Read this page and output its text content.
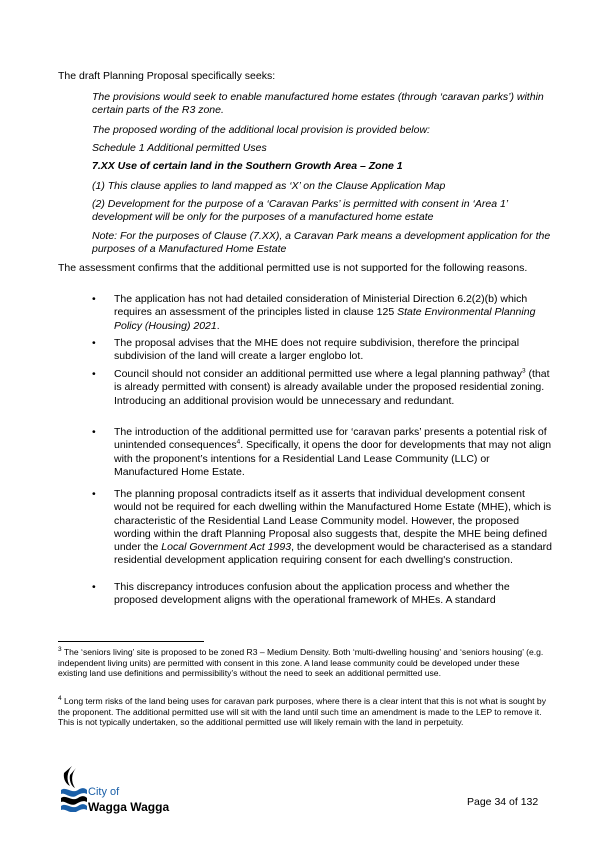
The draft Planning Proposal specifically seeks:

The provisions would seek to enable manufactured home estates (through ‘caravan parks’) within certain parts of the R3 zone.

The proposed wording of the additional local provision is provided below:

Schedule 1 Additional permitted Uses

7.XX Use of certain land in the Southern Growth Area – Zone 1

(1) This clause applies to land mapped as ‘X’ on the Clause Application Map

(2) Development for the purpose of a ‘Caravan Parks’ is permitted with consent in ‘Area 1’ development will be only for the purposes of a manufactured home estate

Note: For the purposes of Clause (7.XX), a Caravan Park means a development application for the purposes of a Manufactured Home Estate

The assessment confirms that the additional permitted use is not supported for the following reasons.

• The application has not had detailed consideration of Ministerial Direction 6.2(2)(b) which requires an assessment of the principles listed in clause 125 State Environmental Planning Policy (Housing) 2021.
• The proposal advises that the MHE does not require subdivision, therefore the principal subdivision of the land will create a larger englobo lot.
• Council should not consider an additional permitted use where a legal planning pathway$^3$ (that is already permitted with consent) is already available under the proposed residential zoning. Introducing an additional provision would be unnecessary and redundant.
• The introduction of the additional permitted use for ‘caravan parks’ presents a potential risk of unintended consequences$^4$. Specifically, it opens the door for developments that may not align with the proponent’s intentions for a Residential Land Lease Community (LLC) or Manufactured Home Estate.
• The planning proposal contradicts itself as it asserts that individual development consent would not be required for each dwelling within the Manufactured Home Estate (MHE), which is characteristic of the Residential Land Lease Community model. However, the proposed wording within the draft Planning Proposal also suggests that, despite the MHE being defined under the Local Government Act 1993, the development would be characterised as a standard residential development application requiring consent for each dwelling's construction.
• This discrepancy introduces confusion about the application process and whether the proposed development aligns with the operational framework of MHEs. A standard
$^3$ The ‘seniors living’ site is proposed to be zoned R3 – Medium Density. Both ‘multi-dwelling housing’ and ‘seniors housing’ (e.g. independent living units) are permitted with consent in this zone. A land lease community could be developed under these existing land use definitions and permissibility’s without the need to seek an additional permitted use.
$^4$ Long term risks of the land being uses for caravan park purposes, where there is a clear intent that this is not what is sought by the proponent. The additional permitted use will sit with the land until such time an amendment is made to the LEP to remove it. This is not typically undertaken, so the additional permitted use will likely remain with the land in perpetuity.
City of
Wagga Wagga	Page 34 of 132
